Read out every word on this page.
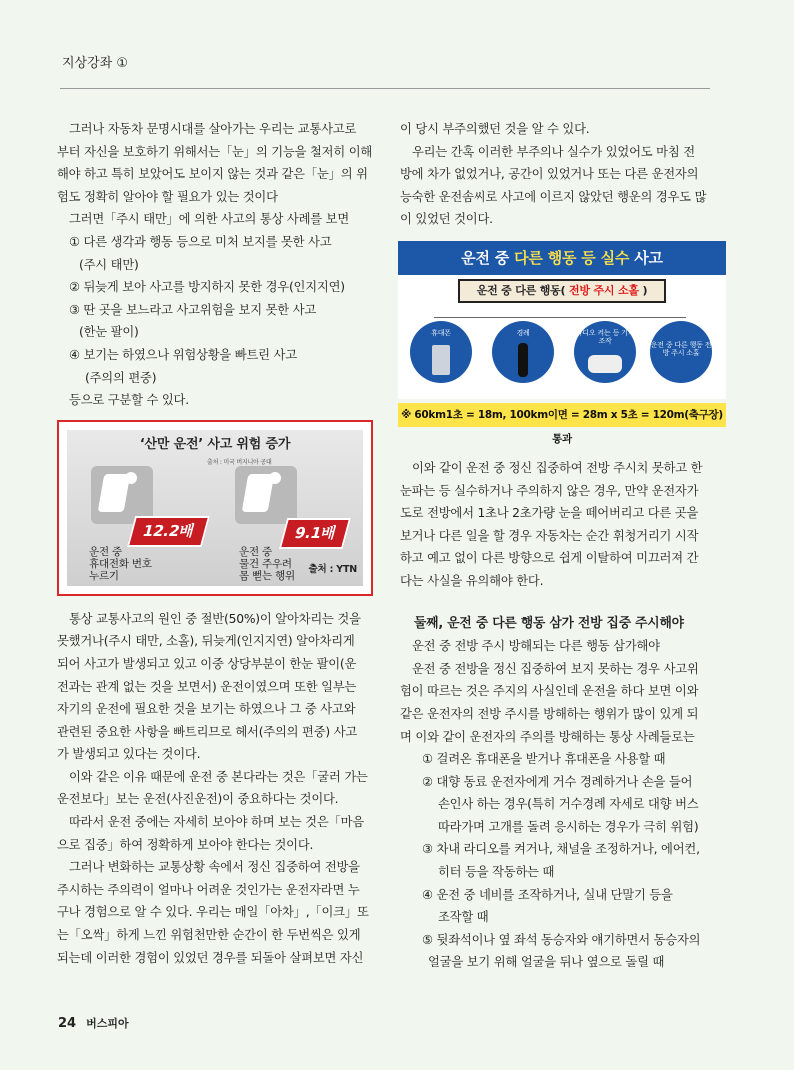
지상강좌 ①

그러나 자동차 문명시대를 살아가는 우리는 교통사고로

부터 자신을 보호하기 위해서는「눈」의 기능을 철저히 이해

해야 하고 특히 보았어도 보이지 않는 것과 같은「눈」의 위

험도 정확히 알아야 할 필요가 있는 것이다

그러면「주시 태만」에 의한 사고의 통상 사례를 보면

① 다른 생각과 행동 등으로 미처 보지를 못한 사고

(주시 태만)

② 뒤늦게 보아 사고를 방지하지 못한 경우(인지지연)

③ 딴 곳을 보느라고 사고위험을 보지 못한 사고

(한눈 팔이)

④ 보기는 하였으나 위험상황을 빠트린 사고

(주의의 편중)

등으로 구분할 수 있다.

‘산만 운전’ 사고 위험 증가
출처 : 미국 버지니아 공대
12.2배	9.1배
운전 중
휴대전화 번호
누르기
운전 중
물건 주우려
몸 뻗는 행위
출처 : YTN

통상 교통사고의 원인 중 절반(50%)이 알아차리는 것을

못했거나(주시 태만, 소홀), 뒤늦게(인지지연) 알아차리게

되어 사고가 발생되고 있고 이중 상당부분이 한눈 팔이(운

전과는 관계 없는 것을 보면서) 운전이였으며 또한 일부는

자기의 운전에 필요한 것을 보기는 하였으나 그 중 사고와

관련된 중요한 사항을 빠트리므로 헤서(주의의 편중) 사고

가 발생되고 있다는 것이다.

이와 같은 이유 때문에 운전 중 본다라는 것은「굴러 가는

운전보다」보는 운전(사진운전)이 중요하다는 것이다.

따라서 운전 중에는 자세히 보아야 하며 보는 것은「마음

으로 집중」하여 정확하게 보아야 한다는 것이다.

그러나 변화하는 교통상황 속에서 정신 집중하여 전방을

주시하는 주의력이 얼마나 어려운 것인가는 운전자라면 누

구나 경험으로 알 수 있다. 우리는 매일「아차」,「이크」또

는「오싹」하게 느낀 위험천만한 순간이 한 두번씩은 있게

되는데 이러한 경험이 있었던 경우를 되돌아 살펴보면 자신

이 당시 부주의했던 것을 알 수 있다.

우리는 간혹 이러한 부주의나 실수가 있었어도 마침 전

방에 차가 없었거나, 공간이 있었거나 또는 다른 운전자의

능숙한 운전솜씨로 사고에 이르지 않았던 행운의 경우도 많

이 있었던 것이다.

운전 중 다른 행동 등 실수 사고
운전 중 다른 행동( 전방 주시 소홀 )
휴대폰	경례	라디오 켜는 등 기기조작	운전 중 다른 행동 전방 주시 소홀
※ 60km1초 = 18m, 100km이면 = 28m x 5초 = 120m(축구장)통과

이와 같이 운전 중 정신 집중하여 전방 주시치 못하고 한

눈파는 등 실수하거나 주의하지 않은 경우, 만약 운전자가

도로 전방에서 1초나 2초가량 눈을 떼어버리고 다른 곳을

보거나 다른 일을 할 경우 자동차는 순간 휘청거리기 시작

하고 예고 없이 다른 방향으로 쉽게 이탈하여 미끄러져 간

다는 사실을 유의해야 한다.

둘째, 운전 중 다른 행동 삼가 전방 집중 주시해야

운전 중 전방 주시 방해되는 다른 행동 삼가해야

운전 중 전방을 정신 집중하여 보지 못하는 경우 사고위

험이 따르는 것은 주지의 사실인데 운전을 하다 보면 이와

같은 운전자의 전방 주시를 방해하는 행위가 많이 있게 되

며 이와 같이 운전자의 주의를 방해하는 통상 사례들로는

① 걸려온 휴대폰을 받거나 휴대폰을 사용할 때

② 대향 동료 운전자에게 거수 경례하거나 손을 들어

손인사 하는 경우(특히 거수경례 자세로 대향 버스

따라가며 고개를 돌려 응시하는 경우가 극히 위험)

③ 차내 라디오를 켜거나, 채널을 조정하거나, 에어컨,

히터 등을 작동하는 때

④ 운전 중 네비를 조작하거나, 실내 단말기 등을

조작할 때

⑤ 뒷좌석이나 옆 좌석 동승자와 얘기하면서 동승자의

얼굴을 보기 위해 얼굴을 뒤나 옆으로 돌릴 때

24 버스피아
